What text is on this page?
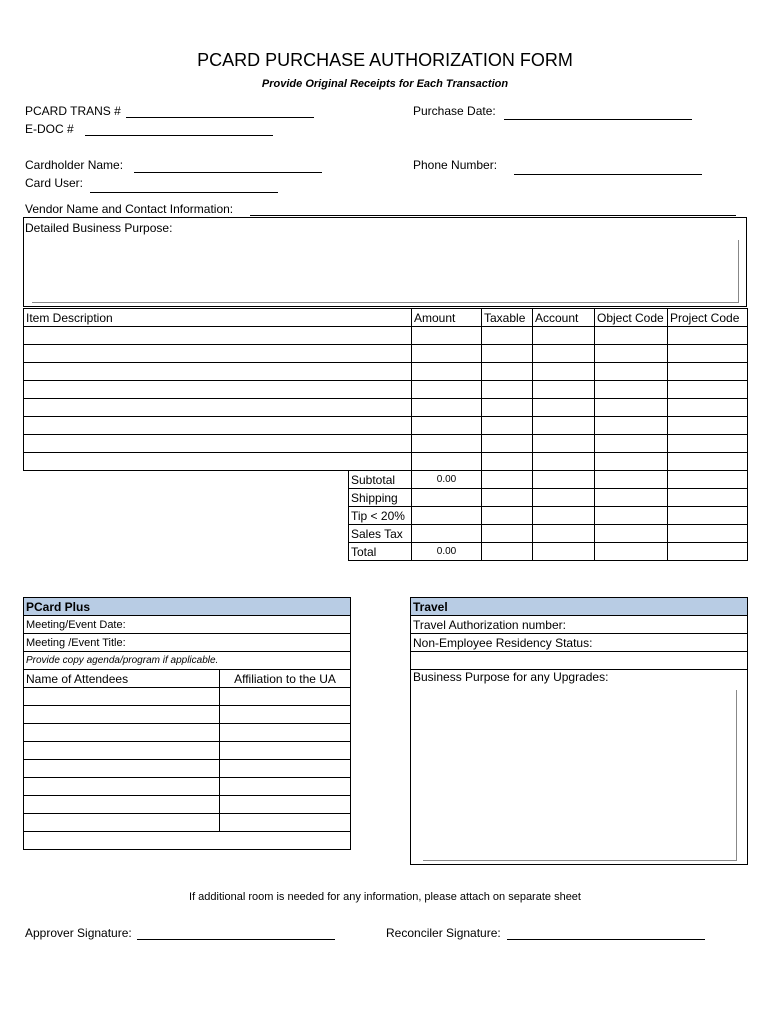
PCARD PURCHASE AUTHORIZATION FORM
Provide Original Receipts for Each Transaction
PCARD TRANS #
E-DOC #
Purchase Date:
Cardholder Name:	Phone Number:
Card User:
Vendor Name and Contact Information:
Detailed Business Purpose:
Item Description	Amount	Taxable	Account	Object Code	Project Code

Subtotal	0.00				
Shipping					
Tip < 20%					
Sales Tax					
Total	0.00				
PCard Plus	
Meeting/Event Date:	
Meeting /Event Title:	
Provide copy agenda/program if applicable.	
Name of Attendees	Affiliation to the UA

Travel
Travel Authorization number:
Non-Employee Residency Status:

Business Purpose for any Upgrades:
If additional room is needed for any information, please attach on separate sheet
Approver Signature:	Reconciler Signature:
